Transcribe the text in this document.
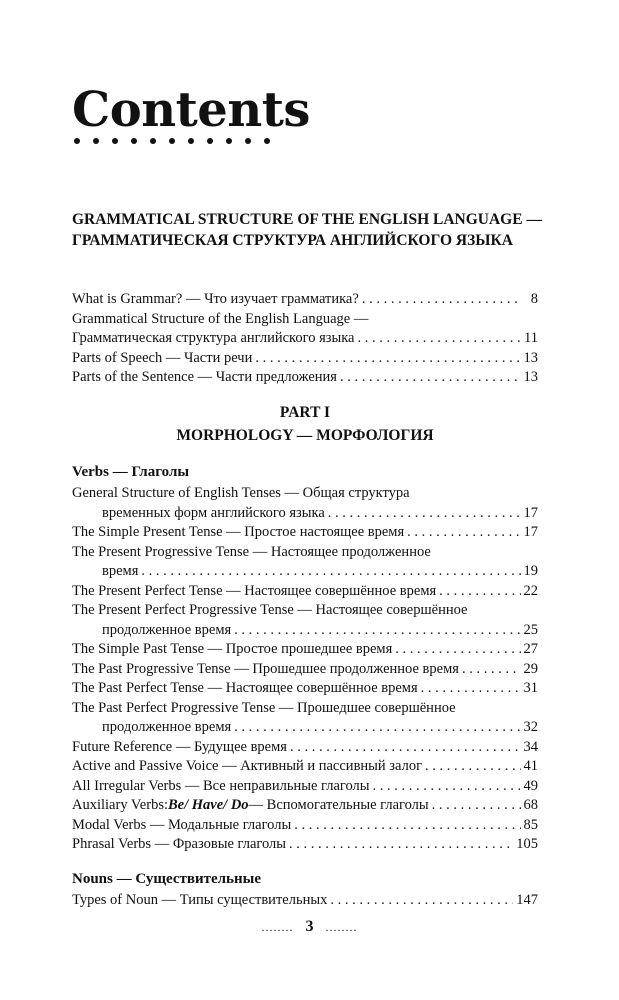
Contents
GRAMMATICAL STRUCTURE OF THE ENGLISH LANGUAGE — ГРАММАТИЧЕСКАЯ СТРУКТУРА АНГЛИЙСКОГО ЯЗЫКА
What is Grammar? — Что изучает грамматика? . . .	8
Grammatical Structure of the English Language —
Грамматическая структура английского языка . . .	11
Parts of Speech — Части речи . . .	13
Parts of the Sentence — Части предложения . . .	13
PART I
MORPHOLOGY — МОРФОЛОГИЯ
Verbs — Глаголы
General Structure of English Tenses — Общая структура
временных форм английского языка . . .	17
The Simple Present Tense — Простое настоящее время . . .	17
The Present Progressive Tense — Настоящее продолженное
время . . .	19
The Present Perfect Tense — Настоящее совершённое время . . .	22
The Present Perfect Progressive Tense — Настоящее совершённое
продолженное время . . .	25
The Simple Past Tense — Простое прошедшее время . . .	27
The Past Progressive Tense — Прошедшее продолженное время . . .	29
The Past Perfect Tense — Настоящее совершённое время . . .	31
The Past Perfect Progressive Tense — Прошедшее совершённое
продолженное время . . .	32
Future Reference — Будущее время . . .	34
Active and Passive Voice — Активный и пассивный залог . . .	41
All Irregular Verbs — Все неправильные глаголы . . .	49
Auxiliary Verbs: Be/ Have/ Do — Вспомогательные глаголы . . .	68
Modal Verbs — Модальные глаголы . . .	85
Phrasal Verbs — Фразовые глаголы . . .	105
Nouns — Существительные
Types of Noun — Типы существительных . . .	147
........ 3 ........
